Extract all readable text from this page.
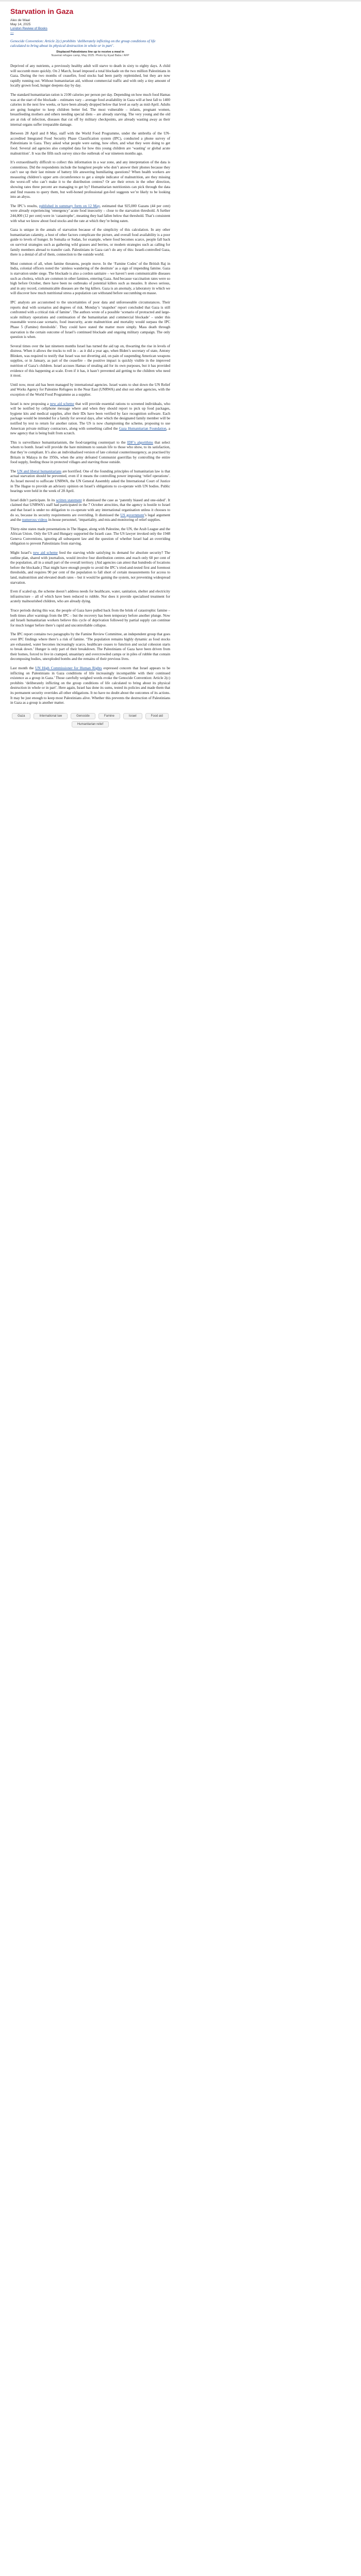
Starvation in Gaza
Alex de Waal
May 14, 2025
London Review of Books
---
Genocide Convention: Article 2(c) prohibits ‘deliberately inflicting on the group conditions of life calculated to bring about its physical destruction in whole or in part’.
Displaced Palestinians line up to receive a meal in
Nuseirat refugee camp, May 2025. Photo by Eyad Baba / AFP

Deprived of any nutrients, a previously healthy adult will starve to death in sixty to eighty days. A child will succumb more quickly. On 2 March, Israel imposed a total blockade on the two million Palestinians in Gaza. During the two months of ceasefire, food stocks had been partly replenished, but they are now rapidly running out. Without humanitarian aid, without commercial traffic and with only a tiny amount of locally grown food, hunger deepens day by day.

The standard humanitarian ration is 2100 calories per person per day. Depending on how much food Hamas was at the start of the blockade – estimates vary – average food availability in Gaza will at best fall to 1400 calories in the next few weeks, or have been already dropped below that level as early as mid-April. Adults are going hungrier to keep children better fed. The most vulnerable – infants, pregnant women, breastfeeding mothers and others needing special diets – are already starving. The very young and the old are at risk of infection, diseases that cut off by military checkpoints, are already wasting away as their internal organs suffer irreparable damage.

Between 28 April and 8 May, staff with the World Food Programme, under the umbrella of the UN-accredited Integrated Food Security Phase Classification system (IPC), conducted a phone survey of Palestinians in Gaza. They asked what people were eating, how often, and what they were doing to get food. Several aid agencies also compiled data for how this young children are ‘wasting’ or global acute malnutrition’. It was the fifth such survey since the outbreak of war nineteen months ago.

It’s extraordinarily difficult to collect this information in a war zone, and any interpretation of the data is contentious. Did the respondents include the hungriest people who don’t answer their phones because they can’t use up their last minute of battery life answering humiliating questions? When health workers are measuring children’s upper arm circumference to get a simple indicator of malnutrition, are they missing the worst-off who can’t make it to the distribution centres? Or are their errors in the other direction, showing rates three percent are managing to get by? Humanitarian nutritionists can pick through the data and find reasons to query them, but well-honed professional gut-feel suggests we’re likely to be looking into an abyss.

The IPC’s results, published in summary form on 12 May, estimated that 925,000 Gazans (44 per cent) were already experiencing ‘emergency’ acute food insecurity – close to the starvation threshold. A further 244,000 (12 per cent) were in ‘catastrophe’, meaning they had fallen below that threshold. That’s consistent with what we know about food stocks and the rate at which they’re being eaten.

Gaza is unique in the annals of starvation because of the simplicity of this calculation. In any other humanitarian calamity, a host of other factors complicate the picture, and overall food availability is a poor guide to levels of hunger. In Somalia or Sudan, for example, where food becomes scarce, people fall back on survival strategies such as gathering wild grasses and berries, or modern strategies such as calling for family members abroad to transfer cash. Palestinians in Gaza can’t do any of this: Israeli-controlled Gaza, there is a denial of all of them, connection to the outside world.

Most common of all, when famine threatens, people move. In the ‘Famine Codes’ of the British Raj in India, colonial officers noted the ‘aimless wandering of the destitute’ as a sign of impending famine. Gaza is starvation under siege. The blockade is also a cordon sanitaire – we haven’t seen communicable diseases such as cholera, which are common in other famines, entering Gaza. And because vaccination rates were so high before October, there have been no outbreaks of potential killers such as measles. It shows serious, and in any record, communicable diseases are the big killers. Gaza is an anomaly, a laboratory in which we will discover how much nutritional stress a population can withstand before succumbing en masse.

IPC analysts are accustomed to the uncertainties of poor data and unforeseeable circumstances. Their reports deal with scenarios and degrees of risk. Monday’s ‘snapshot’ report concluded that Gaza is still confronted with a critical risk of famine’. The authors wrote of a possible ‘scenario of protracted and large-scale military operations and continuation of the humanitarian and commercial blockade’ – under this reasonable worst-case scenario, food insecurity, acute malnutrition and mortality would surpass the IPC Phase 5 (Famine) thresholds’. They could have stated the matter more simply. Mass death through starvation is the certain outcome of Israel’s continued blockade and ongoing military campaign. The only question is when.

Several times over the last nineteen months Israel has turned the aid tap on, thwarting the rise in levels of distress. When it allows the trucks to roll in – as it did a year ago, when Biden’s secretary of state, Antony Blinken, was required to testify that Israel was not diverting aid, on pain of suspending American weapons supplies, or in January, as part of the ceasefire – the positive impact is quickly visible in the improved nutrition of Gaza’s children. Israel accuses Hamas of stealing aid for its own purposes, but it has provided evidence of this happening at scale. Even if it has, it hasn’t prevented aid getting to the children who need it most.

Until now, most aid has been managed by international agencies. Israel wants to shut down the UN Relief and Works Agency for Palestine Refugees in the Near East (UNRWA) and shut out other agencies, with the exception of the World Food Programme as a supplier.

Israel is now proposing a new aid scheme that will provide essential rations to screened individuals, who will be notified by cellphone message where and when they should report to pick up food packages, hygiene kits and medical supplies, after their IDs have been verified by face recognition software. Each package would be intended for a family for several days, after which the designated family member will be notified by text to return for another ration. The US is now championing the scheme, proposing to use American private military contractors, along with something called the Gaza Humanitarian Foundation, a new agency that is being built from scratch.

This is surveillance humanitarianism, the food-targeting counterpart to the IDF’s algorithms that select whom to bomb. Israel will provide the bare minimum to sustain life to those who show, to its satisfaction, that they’re compliant. It’s also an individualised version of late colonial counterinsurgency, as practised by Britain in Malaya in the 1950s, when the army defeated Communist guerrillas by controlling the entire food supply, feeding those in protected villages and starving those outside.

The UN and liberal humanitarians are horrified. One of the founding principles of humanitarian law is that actual starvation should be prevented, even if it means the controlling power imposing ‘relief operations’. As Israel moved to suffocate UNRWA, the UN General Assembly asked the International Court of Justice in The Hague to provide an advisory opinion on Israel’s obligations to co-operate with UN bodies. Public hearings were held in the week of 28 April.

Israel didn’t participate. In its written statement it dismissed the case as ‘patently biased and one-sided’. It claimed that UNRWA’s staff had participated in the 7 October atrocities, that the agency is hostile to Israel and that Israel is under no obligation to co-operate with any international organisation unless it chooses to do so, because its security requirements are overriding. It dismissed the US government’s legal argument and the numerous videos in-house personnel, ‘impartiality, and mis-and monitoring of relief supplies.

Thirty-nine states made presentations in The Hague, along with Palestine, the UN, the Arab League and the African Union. Only the US and Hungary supported the Israeli case. The US lawyer invoked only the 1948 Geneva Conventions, ignoring all subsequent law and the question of whether Israel had an overriding obligation to prevent Palestinians from starving.

Might Israel’s new aid scheme feed the starving while satisfying its demand for absolute security? The outline plan, shared with journalists, would involve four distribution centres and reach only 60 per cent of the population, all in a small part of the overall territory. (Aid agencies can attest that hundreds of locations before the blockade.) That might have enough people to avoid the IPC’s tried-and-tested first and foremost thresholds, and requires 90 per cent of the population to fall short of certain measurements for access to land, malnutrition and elevated death rates – but it would be gaming the system, not preventing widespread starvation.

Even if scaled up, the scheme doesn’t address needs for healthcare, water, sanitation, shelter and electricity infrastructure – all of which have been reduced to rubble. Nor does it provide specialised treatment for acutely malnourished children, who are already dying.

Truce periods during this war, the people of Gaza have pulled back from the brink of catastrophic famine – both times after warnings from the IPC – but the recovery has been temporary before another plunge. Now aid Israeli humanitarian workers believe this cycle of deprivation followed by partial supply can continue for much longer before there’s rapid and uncontrollable collapse.

The IPC report contains two paragraphs by the Famine Review Committee, an independent group that goes over IPC findings where there’s a risk of famine. ‘The population remains highly dynamic as food stocks are exhausted, water becomes increasingly scarce, healthcare ceases to function and social cohesion starts to break down.’ Hunger is only part of their breakdown. The Palestinians of Gaza have been driven from their homes, forced to live in cramped, unsanitary and overcrowded camps or in piles of rubble that contain decomposing bodies, unexploded bombs and the remains of their previous lives.

Last month the UN High Commissioner for Human Rights expressed concern that Israel appears to be inflicting on Palestinians in Gaza conditions of life increasingly incompatible with their continued existence as a group in Gaza.’ Those carefully weighed words evoke the Genocide Convention: Article 2(c) prohibits ‘deliberately inflicting on the group conditions of life calculated to bring about its physical destruction in whole or in part’. Here again, Israel has done its sums, tested its policies and made them that its permanent security overrides all other obligations. It no have no doubt about the outcomes of its actions. It may be just enough to keep most Palestinians alive. Whether this prevents the destruction of Palestinians in Gaza as a group is another matter.

Gaza	International law	Genocide	Famine	Israel	Food aid
Humanitarian relief
